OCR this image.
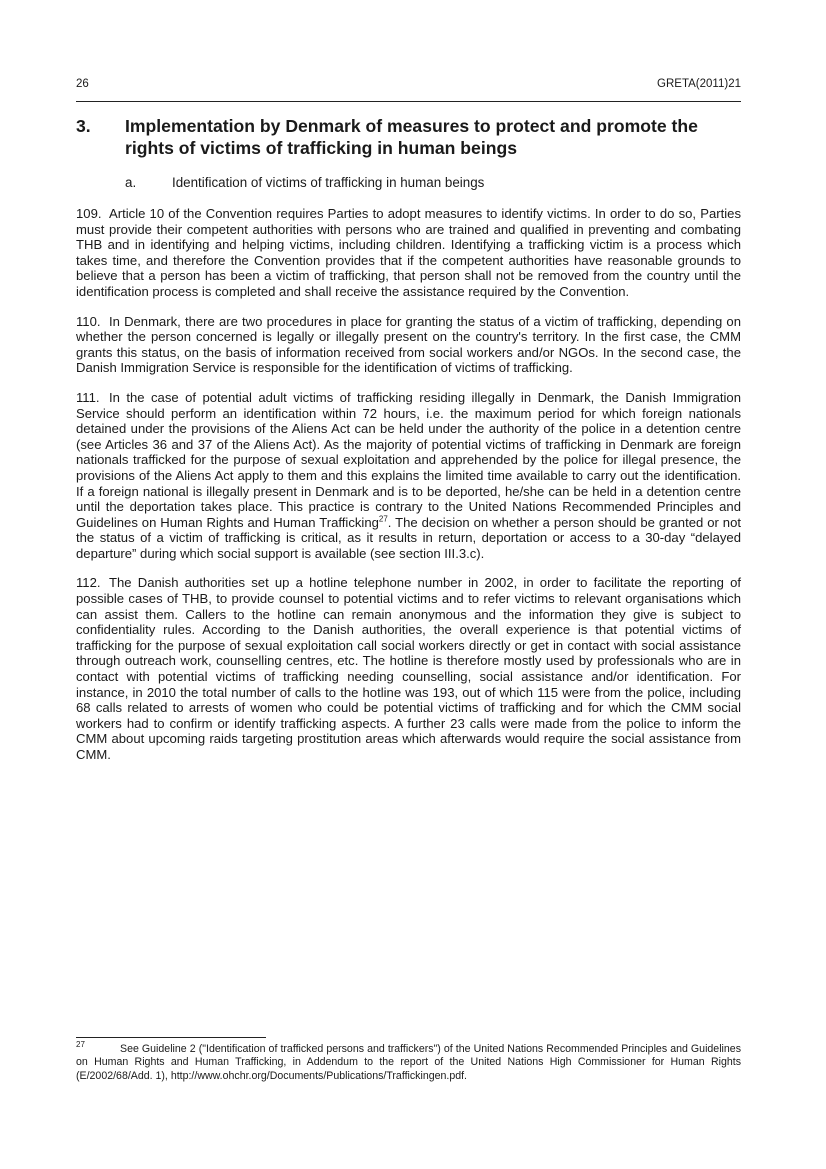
26	GRETA(2011)21
3. Implementation by Denmark of measures to protect and promote the rights of victims of trafficking in human beings
a.	Identification of victims of trafficking in human beings

109. Article 10 of the Convention requires Parties to adopt measures to identify victims. In order to do so, Parties must provide their competent authorities with persons who are trained and qualified in preventing and combating THB and in identifying and helping victims, including children. Identifying a trafficking victim is a process which takes time, and therefore the Convention provides that if the competent authorities have reasonable grounds to believe that a person has been a victim of trafficking, that person shall not be removed from the country until the identification process is completed and shall receive the assistance required by the Convention.

110. In Denmark, there are two procedures in place for granting the status of a victim of trafficking, depending on whether the person concerned is legally or illegally present on the country's territory. In the first case, the CMM grants this status, on the basis of information received from social workers and/or NGOs. In the second case, the Danish Immigration Service is responsible for the identification of victims of trafficking.

111. In the case of potential adult victims of trafficking residing illegally in Denmark, the Danish Immigration Service should perform an identification within 72 hours, i.e. the maximum period for which foreign nationals detained under the provisions of the Aliens Act can be held under the authority of the police in a detention centre (see Articles 36 and 37 of the Aliens Act). As the majority of potential victims of trafficking in Denmark are foreign nationals trafficked for the purpose of sexual exploitation and apprehended by the police for illegal presence, the provisions of the Aliens Act apply to them and this explains the limited time available to carry out the identification. If a foreign national is illegally present in Denmark and is to be deported, he/she can be held in a detention centre until the deportation takes place. This practice is contrary to the United Nations Recommended Principles and Guidelines on Human Rights and Human Trafficking$^{27}$. The decision on whether a person should be granted or not the status of a victim of trafficking is critical, as it results in return, deportation or access to a 30-day “delayed departure” during which social support is available (see section III.3.c).

112. The Danish authorities set up a hotline telephone number in 2002, in order to facilitate the reporting of possible cases of THB, to provide counsel to potential victims and to refer victims to relevant organisations which can assist them. Callers to the hotline can remain anonymous and the information they give is subject to confidentiality rules. According to the Danish authorities, the overall experience is that potential victims of trafficking for the purpose of sexual exploitation call social workers directly or get in contact with social assistance through outreach work, counselling centres, etc. The hotline is therefore mostly used by professionals who are in contact with potential victims of trafficking needing counselling, social assistance and/or identification. For instance, in 2010 the total number of calls to the hotline was 193, out of which 115 were from the police, including 68 calls related to arrests of women who could be potential victims of trafficking and for which the CMM social workers had to confirm or identify trafficking aspects. A further 23 calls were made from the police to inform the CMM about upcoming raids targeting prostitution areas which afterwards would require the social assistance from CMM.

27	See Guideline 2 ("Identification of trafficked persons and traffickers") of the United Nations Recommended Principles and Guidelines on Human Rights and Human Trafficking, in Addendum to the report of the United Nations High Commissioner for Human Rights (E/2002/68/Add. 1), http://www.ohchr.org/Documents/Publications/Traffickingen.pdf.
